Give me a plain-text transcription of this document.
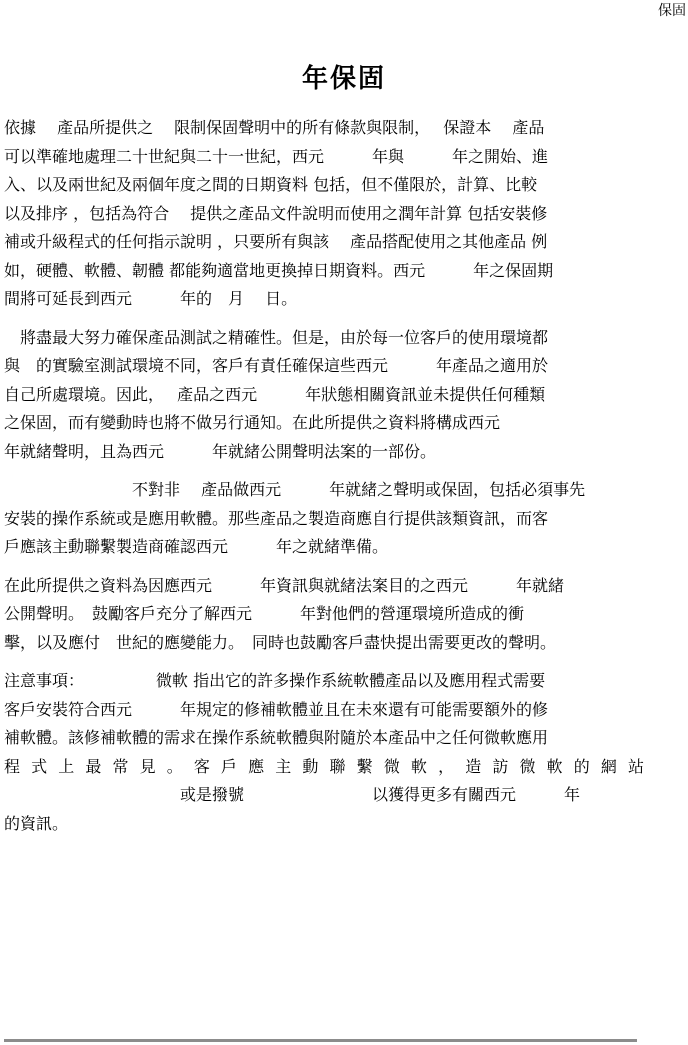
保固
年保固
依據　 產品所提供之　 限制保固聲明中的所有條款與限制，　 保證本　 產品
可以準確地處理二十世紀與二十一世紀，西元　　　年與　　　年之開始、進
入、以及兩世紀及兩個年度之間的日期資料 包括，但不僅限於，計算、比較
以及排序 ，包括為符合　 提供之產品文件說明而使用之潤年計算 包括安裝修
補或升級程式的任何指示說明 ，只要所有與該　 產品搭配使用之其他產品 例
如，硬體、軟體、韌體 都能夠適當地更換掉日期資料。西元　　　年之保固期
間將可延長到西元　　　年的　月　 日。
　將盡最大努力確保產品測試之精確性。但是，由於每一位客戶的使用環境都
與　的實驗室測試環境不同，客戶有責任確保這些西元　　　年產品之適用於
自己所處環境。因此，　 產品之西元　　　年狀態相關資訊並未提供任何種類
之保固，而有變動時也將不做另行通知。在此所提供之資料將構成西元
年就緒聲明，且為西元　　　年就緒公開聲明法案的一部份。
　　　　　　　　不對非　 產品做西元　　　年就緒之聲明或保固，包括必須事先
安裝的操作系統或是應用軟體。那些產品之製造商應自行提供該類資訊，而客
戶應該主動聯繫製造商確認西元　　　年之就緒準備。
在此所提供之資料為因應西元　　　年資訊與就緒法案目的之西元　　　年就緒
公開聲明。　鼓勵客戶充分了解西元　　　年對他們的營運環境所造成的衝
擊，以及應付　世紀的應變能力。　同時也鼓勵客戶盡快提出需要更改的聲明。
注意事項：　　　　　微軟 指出它的許多操作系統軟體產品以及應用程式需要
客戶安裝符合西元　　　年規定的修補軟體並且在未來還有可能需要額外的修
補軟體。該修補軟體的需求在操作系統軟體與附隨於本產品中之任何微軟應用
程式上最常見。客戶應主動聯繫微軟，造訪微軟的網站
　　　　　　　　　　　或是撥號　　　　　　　　以獲得更多有關西元　　　年
的資訊。
